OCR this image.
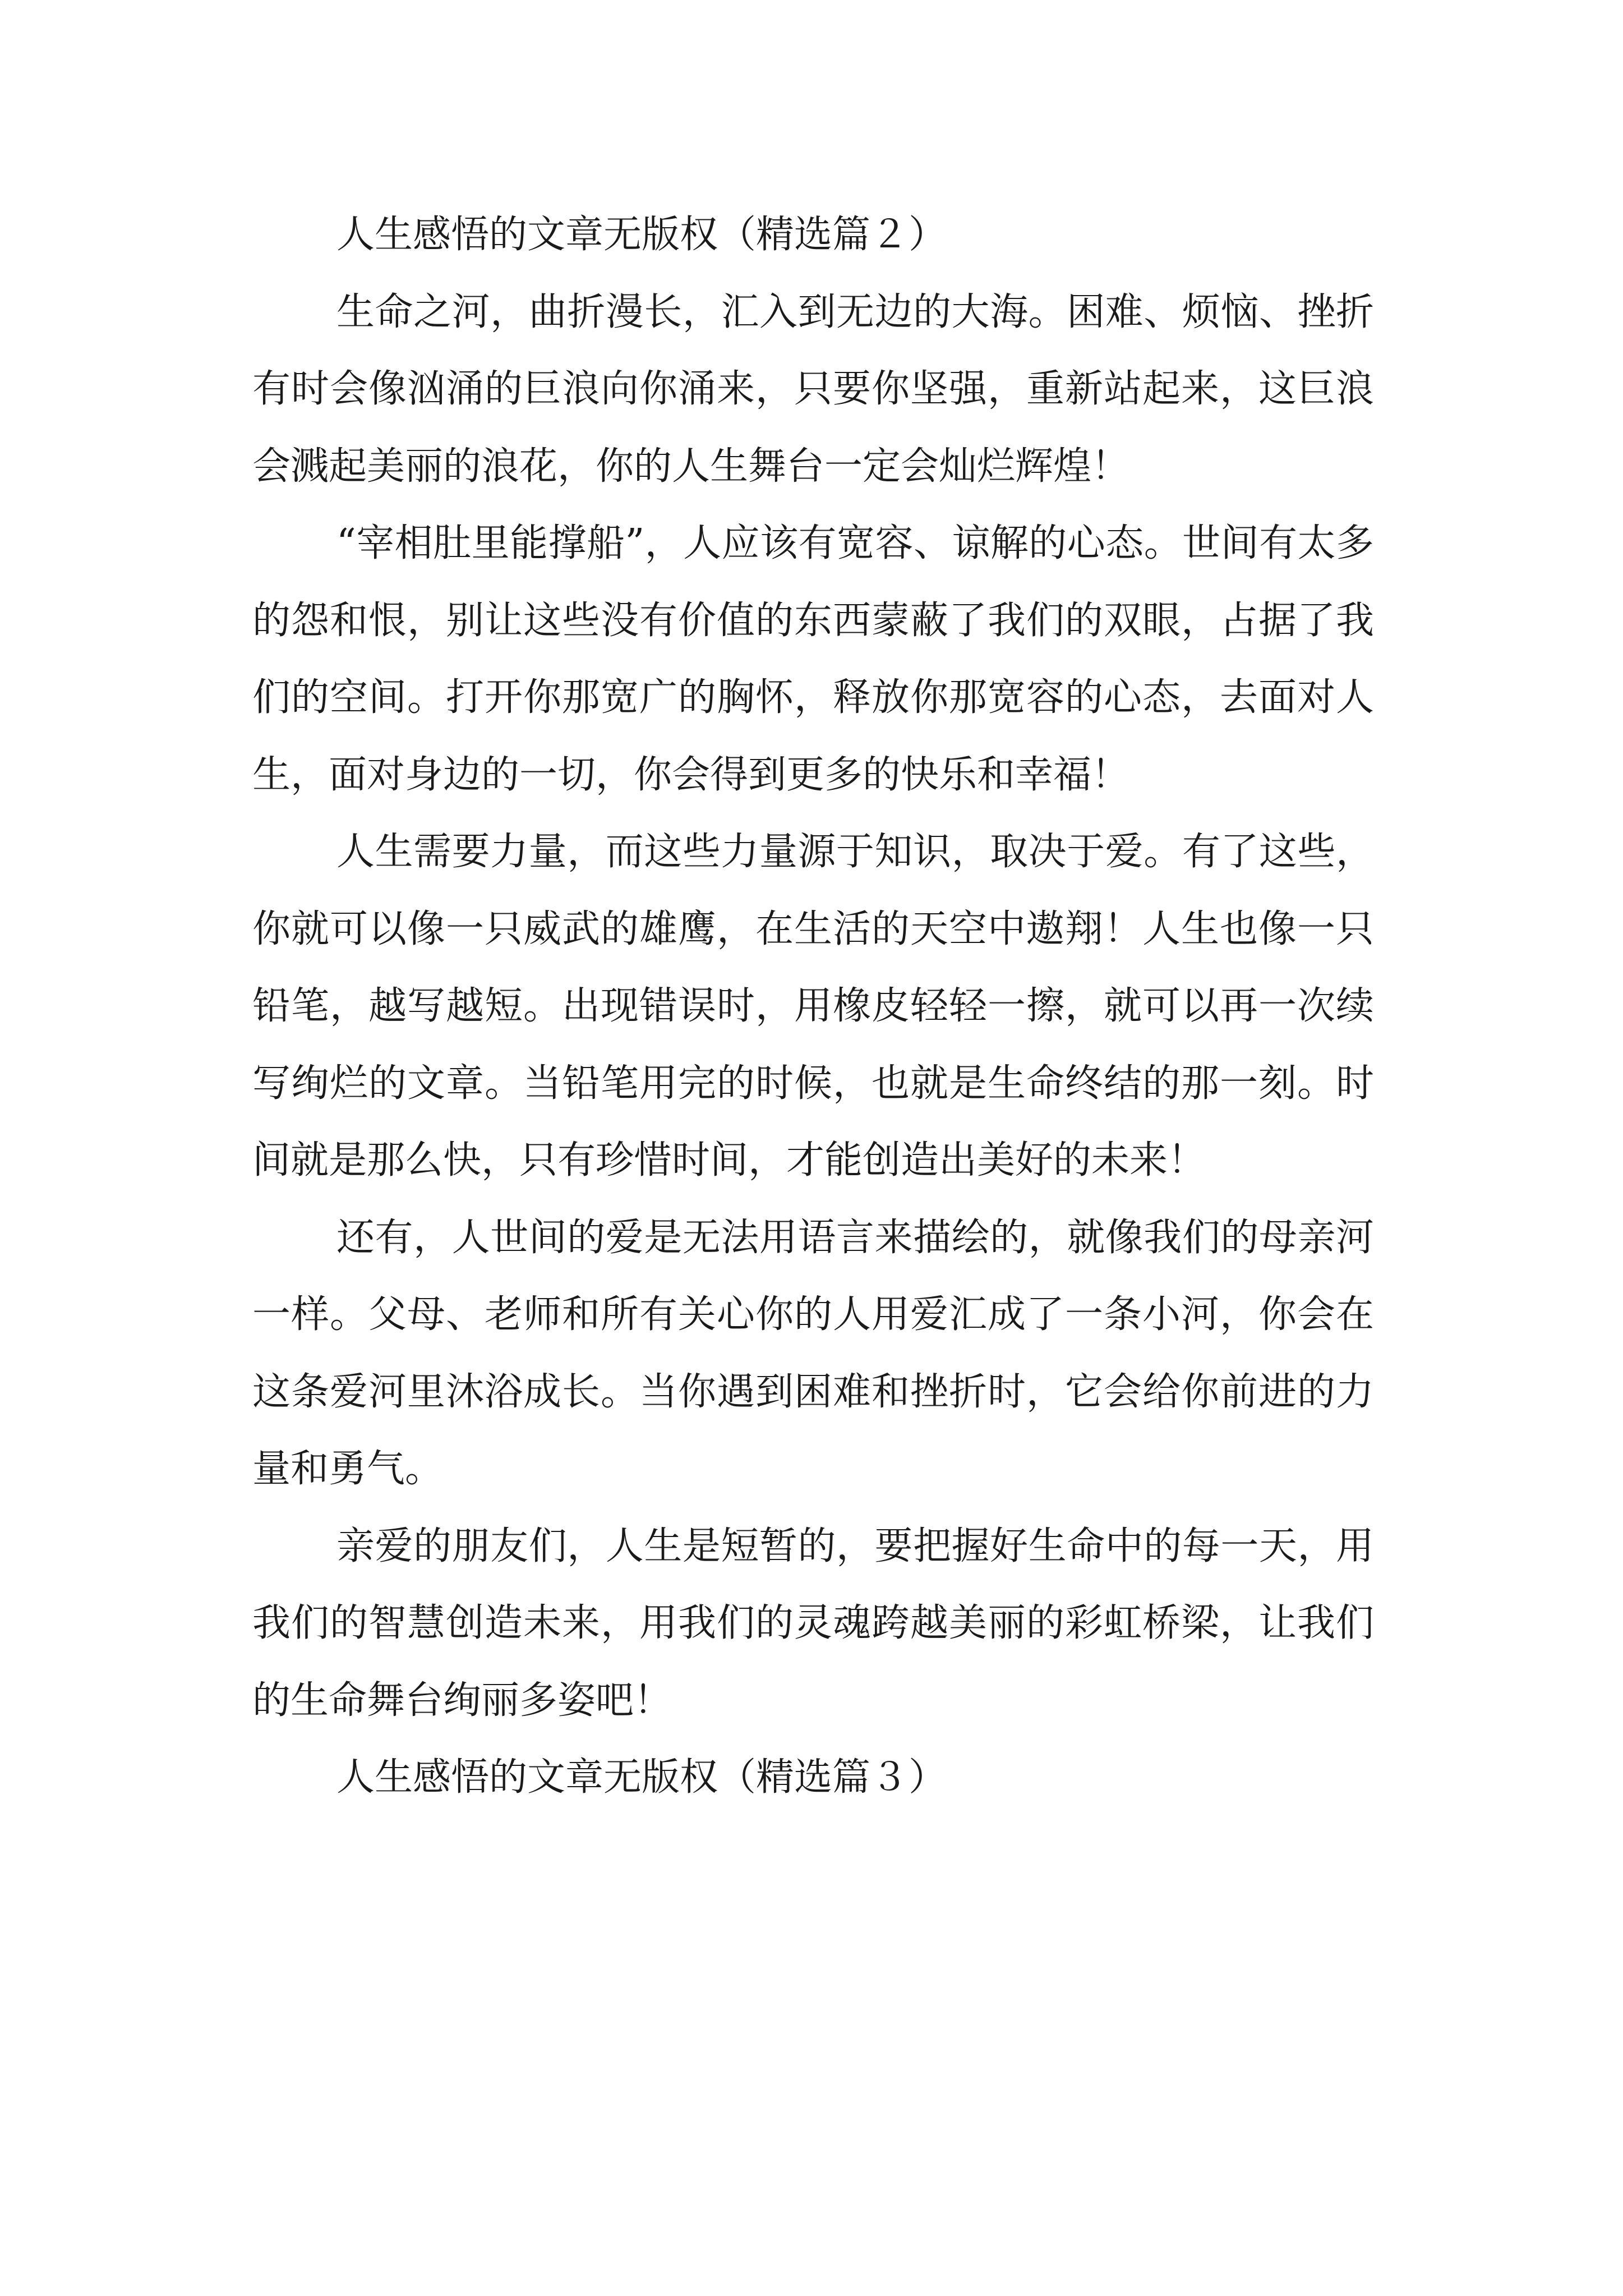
人生感悟的文章无版权（精选篇２）

生命之河，曲折漫长，汇入到无边的大海。困难、烦恼、挫折有时会像汹涌的巨浪向你涌来，只要你坚强，重新站起来，这巨浪会溅起美丽的浪花，你的人生舞台一定会灿烂辉煌！

“宰相肚里能撑船”，人应该有宽容、谅解的心态。世间有太多的怨和恨，别让这些没有价值的东西蒙蔽了我们的双眼，占据了我们的空间。打开你那宽广的胸怀，释放你那宽容的心态，去面对人生，面对身边的一切，你会得到更多的快乐和幸福！

人生需要力量，而这些力量源于知识，取决于爱。有了这些，你就可以像一只威武的雄鹰，在生活的天空中遨翔！人生也像一只铅笔，越写越短。出现错误时，用橡皮轻轻一擦，就可以再一次续写绚烂的文章。当铅笔用完的时候，也就是生命终结的那一刻。时间就是那么快，只有珍惜时间，才能创造出美好的未来！

还有，人世间的爱是无法用语言来描绘的，就像我们的母亲河一样。父母、老师和所有关心你的人用爱汇成了一条小河，你会在这条爱河里沐浴成长。当你遇到困难和挫折时，它会给你前进的力量和勇气。

亲爱的朋友们，人生是短暂的，要把握好生命中的每一天，用我们的智慧创造未来，用我们的灵魂跨越美丽的彩虹桥梁，让我们的生命舞台绚丽多姿吧！

人生感悟的文章无版权（精选篇３）
